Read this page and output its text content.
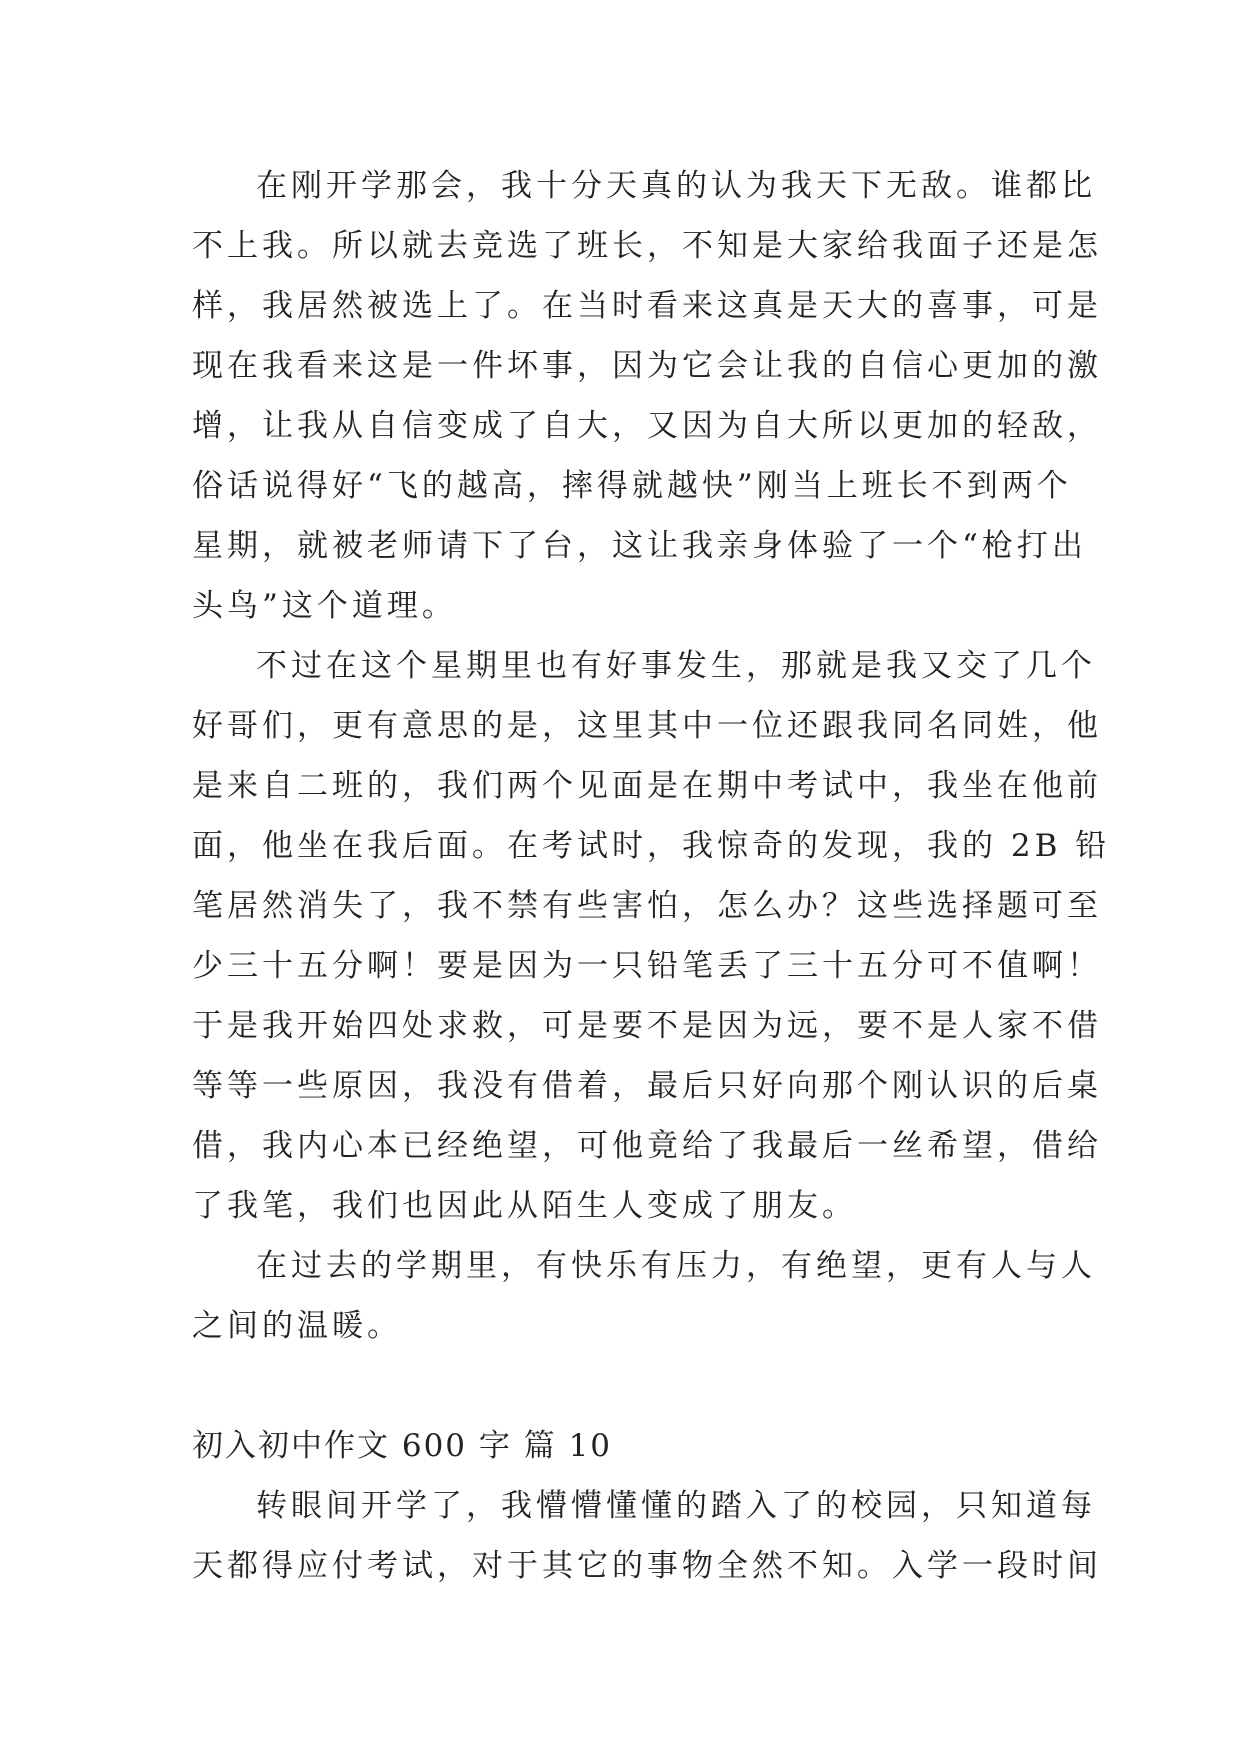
在刚开学那会，我十分天真的认为我天下无敌。谁都比
不上我。所以就去竞选了班长，不知是大家给我面子还是怎
样，我居然被选上了。在当时看来这真是天大的喜事，可是
现在我看来这是一件坏事，因为它会让我的自信心更加的激
增，让我从自信变成了自大，又因为自大所以更加的轻敌，
俗话说得好“飞的越高，摔得就越快”刚当上班长不到两个
星期，就被老师请下了台，这让我亲身体验了一个“枪打出
头鸟”这个道理。
不过在这个星期里也有好事发生，那就是我又交了几个
好哥们，更有意思的是，这里其中一位还跟我同名同姓，他
是来自二班的，我们两个见面是在期中考试中，我坐在他前
面，他坐在我后面。在考试时，我惊奇的发现，我的 2B 铅
笔居然消失了，我不禁有些害怕，怎么办？这些选择题可至
少三十五分啊！要是因为一只铅笔丢了三十五分可不值啊！
于是我开始四处求救，可是要不是因为远，要不是人家不借
等等一些原因，我没有借着，最后只好向那个刚认识的后桌
借，我内心本已经绝望，可他竟给了我最后一丝希望，借给
了我笔，我们也因此从陌生人变成了朋友。
在过去的学期里，有快乐有压力，有绝望，更有人与人
之间的温暖。
初入初中作文 600 字 篇 10
转眼间开学了，我懵懵懂懂的踏入了的校园，只知道每
天都得应付考试，对于其它的事物全然不知。入学一段时间
